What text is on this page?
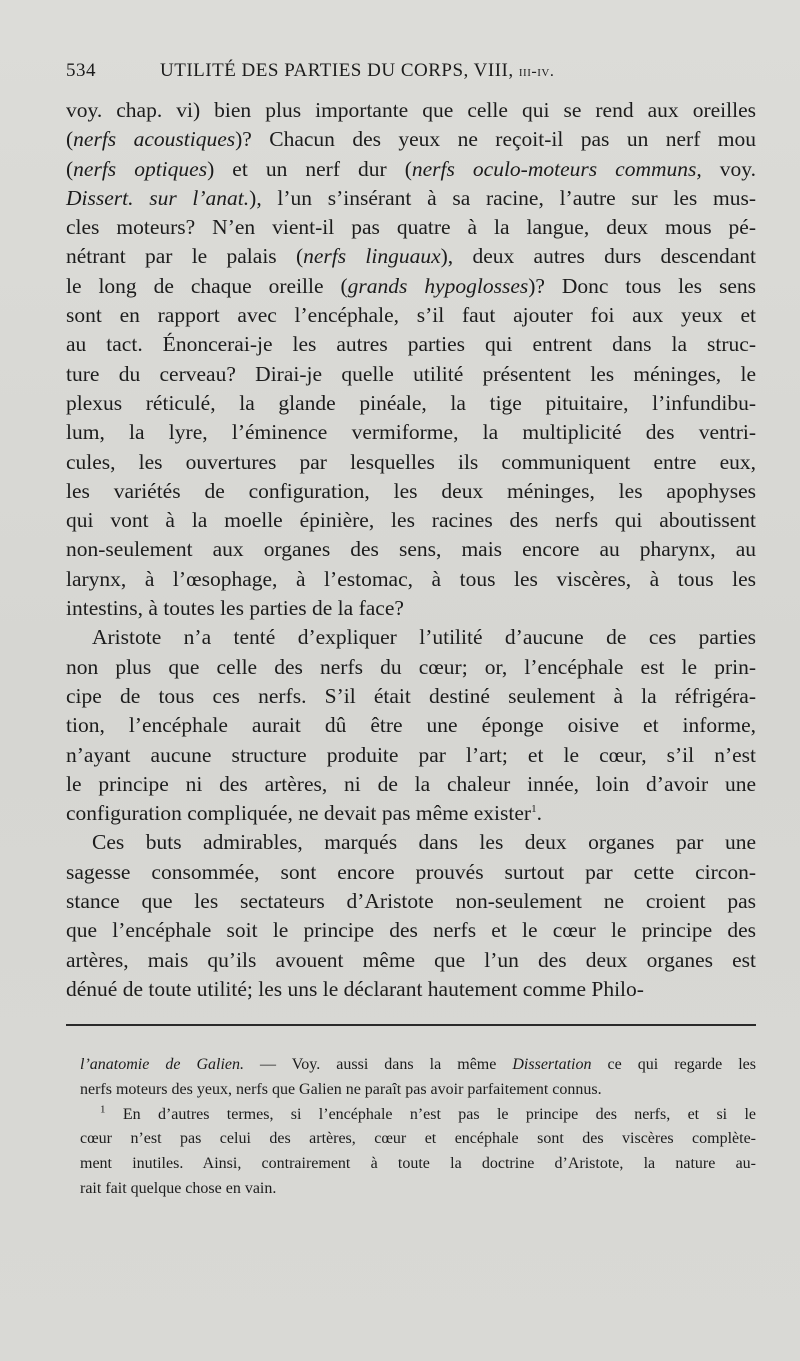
534	UTILITÉ DES PARTIES DU CORPS, VIII, iii-iv.
voy. chap. vi) bien plus importante que celle qui se rend aux oreilles
(nerfs acoustiques)? Chacun des yeux ne reçoit-il pas un nerf mou
(nerfs optiques) et un nerf dur (nerfs oculo-moteurs communs, voy.
Dissert. sur l’anat.), l’un s’insérant à sa racine, l’autre sur les mus-
cles moteurs? N’en vient-il pas quatre à la langue, deux mous pé-
nétrant par le palais (nerfs linguaux), deux autres durs descendant
le long de chaque oreille (grands hypoglosses)? Donc tous les sens
sont en rapport avec l’encéphale, s’il faut ajouter foi aux yeux et
au tact. Énoncerai-je les autres parties qui entrent dans la struc-
ture du cerveau? Dirai-je quelle utilité présentent les méninges, le
plexus réticulé, la glande pinéale, la tige pituitaire, l’infundibu-
lum, la lyre, l’éminence vermiforme, la multiplicité des ventri-
cules, les ouvertures par lesquelles ils communiquent entre eux,
les variétés de configuration, les deux méninges, les apophyses
qui vont à la moelle épinière, les racines des nerfs qui aboutissent
non-seulement aux organes des sens, mais encore au pharynx, au
larynx, à l’œsophage, à l’estomac, à tous les viscères, à tous les
intestins, à toutes les parties de la face?
Aristote n’a tenté d’expliquer l’utilité d’aucune de ces parties
non plus que celle des nerfs du cœur; or, l’encéphale est le prin-
cipe de tous ces nerfs. S’il était destiné seulement à la réfrigéra-
tion, l’encéphale aurait dû être une éponge oisive et informe,
n’ayant aucune structure produite par l’art; et le cœur, s’il n’est
le principe ni des artères, ni de la chaleur innée, loin d’avoir une
configuration compliquée, ne devait pas même exister$^1$.
Ces buts admirables, marqués dans les deux organes par une
sagesse consommée, sont encore prouvés surtout par cette circon-
stance que les sectateurs d’Aristote non-seulement ne croient pas
que l’encéphale soit le principe des nerfs et le cœur le principe des
artères, mais qu’ils avouent même que l’un des deux organes est
dénué de toute utilité; les uns le déclarant hautement comme Philo-
l’anatomie de Galien. — Voy. aussi dans la même Dissertation ce qui regarde les
nerfs moteurs des yeux, nerfs que Galien ne paraît pas avoir parfaitement connus.
$^1$ En d’autres termes, si l’encéphale n’est pas le principe des nerfs, et si le
cœur n’est pas celui des artères, cœur et encéphale sont des viscères complète-
ment inutiles. Ainsi, contrairement à toute la doctrine d’Aristote, la nature au-
rait fait quelque chose en vain.
